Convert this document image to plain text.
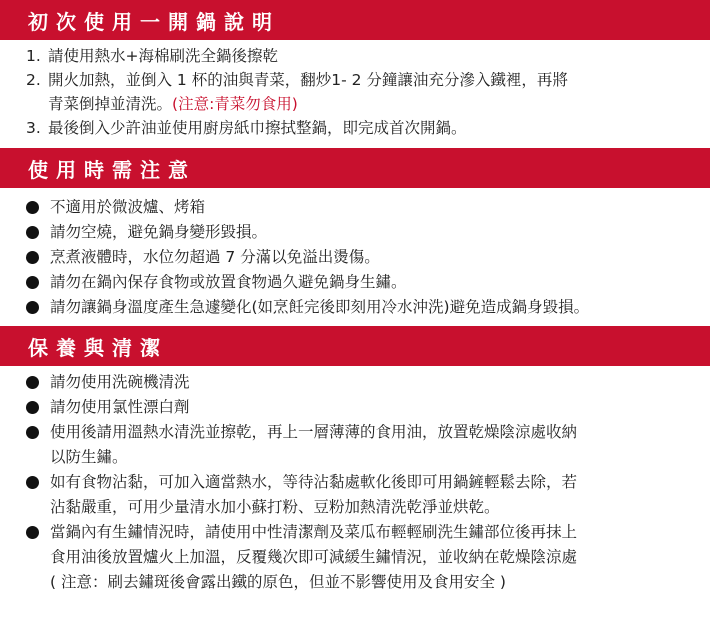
初次使用一開鍋說明
1. 請使用熱水+海棉刷洗全鍋後擦乾
2. 開火加熱，並倒入 1 杯的油與青菜，翻炒1- 2 分鐘讓油充分滲入鐵裡，再將
青菜倒掉並清洗。(注意:青菜勿食用)
3. 最後倒入少許油並使用廚房紙巾擦拭整鍋，即完成首次開鍋。
使用時需注意
不適用於微波爐、烤箱
請勿空燒，避免鍋身變形毀損。
烹煮液體時，水位勿超過 7 分滿以免溢出燙傷。
請勿在鍋內保存食物或放置食物過久避免鍋身生鏽。
請勿讓鍋身溫度產生急遽變化(如烹飪完後即刻用冷水沖洗)避免造成鍋身毀損。
保養與清潔
請勿使用洗碗機清洗
請勿使用氯性漂白劑
使用後請用溫熱水清洗並擦乾，再上一層薄薄的食用油，放置乾燥陰涼處收納
以防生鏽。
如有食物沾黏，可加入適當熱水，等待沾黏處軟化後即可用鍋鏟輕鬆去除，若
沾黏嚴重，可用少量清水加小蘇打粉、豆粉加熱清洗乾淨並烘乾。
當鍋內有生鏽情況時，請使用中性清潔劑及菜瓜布輕輕刷洗生鏽部位後再抹上
食用油後放置爐火上加溫，反覆幾次即可減緩生鏽情況，並收納在乾燥陰涼處
( 注意：刷去鏽斑後會露出鐵的原色，但並不影響使用及食用安全 )
